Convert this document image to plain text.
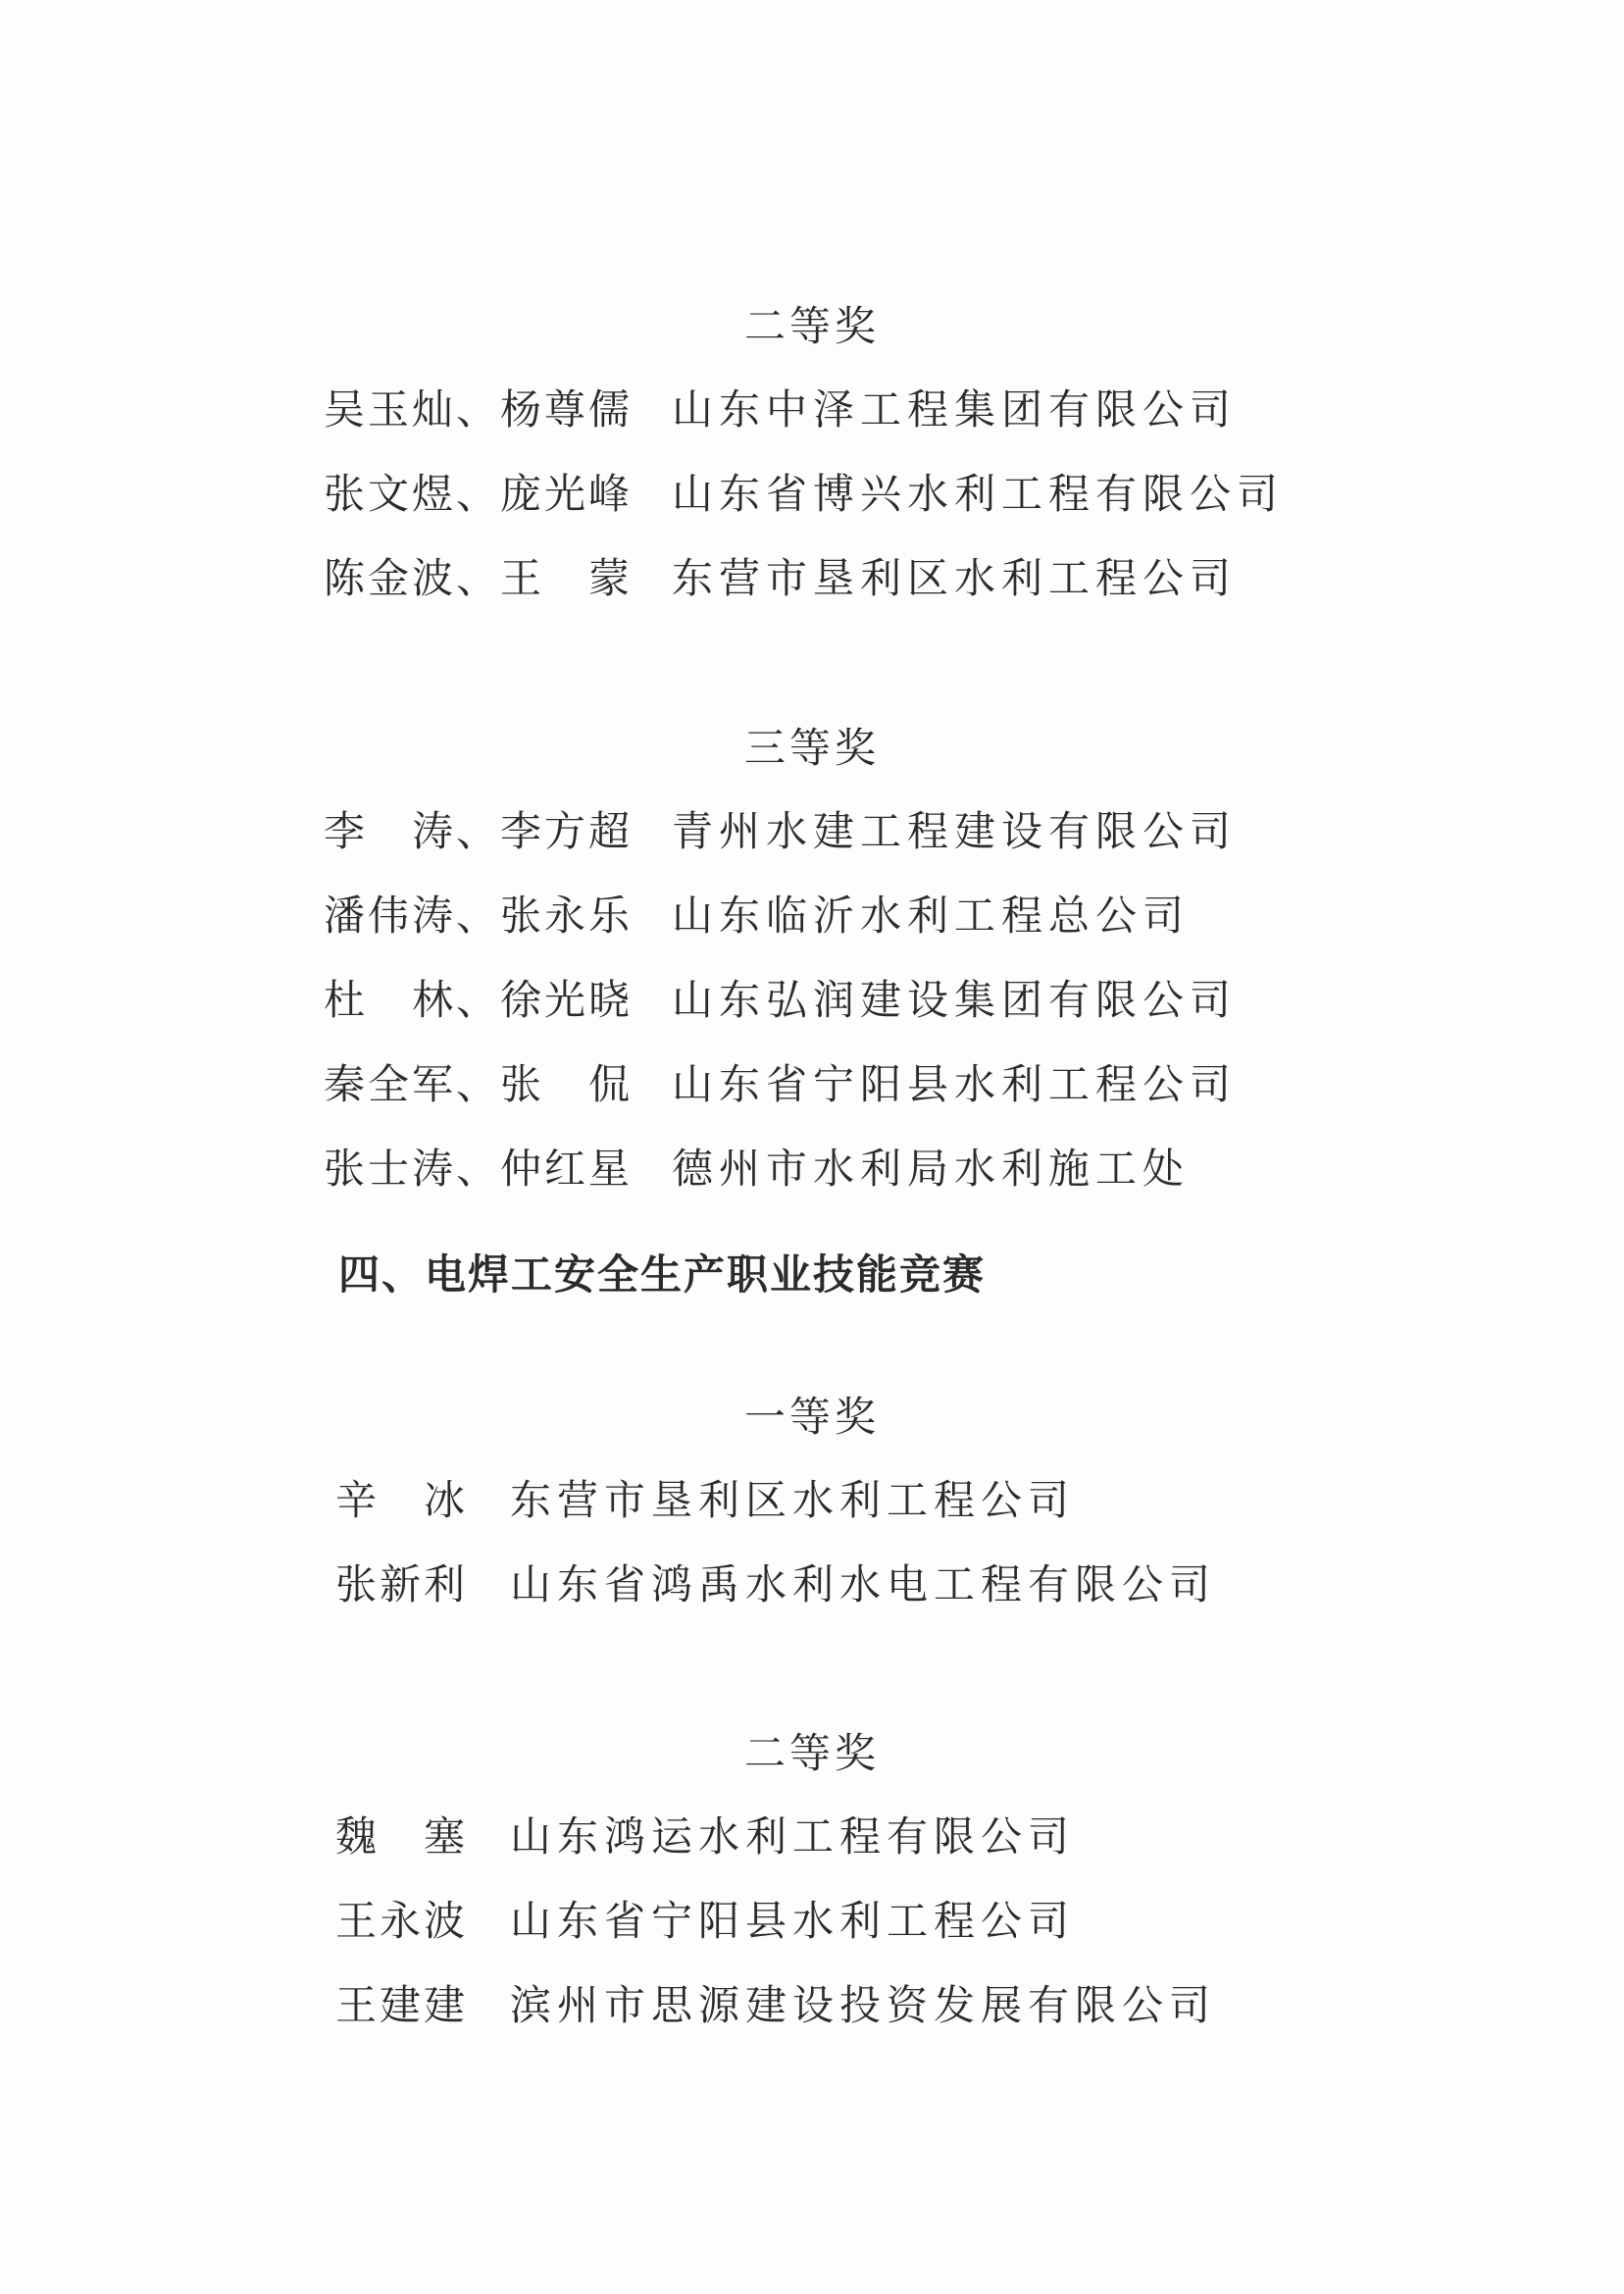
二等奖
吴玉灿、杨尊儒 山东中泽工程集团有限公司
张文煜、庞光峰 山东省博兴水利工程有限公司
陈金波、王　蒙 东营市垦利区水利工程公司
三等奖
李　涛、李方超 青州水建工程建设有限公司
潘伟涛、张永乐 山东临沂水利工程总公司
杜　林、徐光晓 山东弘润建设集团有限公司
秦全军、张　侃 山东省宁阳县水利工程公司
张士涛、仲红星 德州市水利局水利施工处
四、电焊工安全生产职业技能竞赛
一等奖
辛　冰 东营市垦利区水利工程公司
张新利 山东省鸿禹水利水电工程有限公司
二等奖
魏　塞 山东鸿运水利工程有限公司
王永波 山东省宁阳县水利工程公司
王建建 滨州市思源建设投资发展有限公司
